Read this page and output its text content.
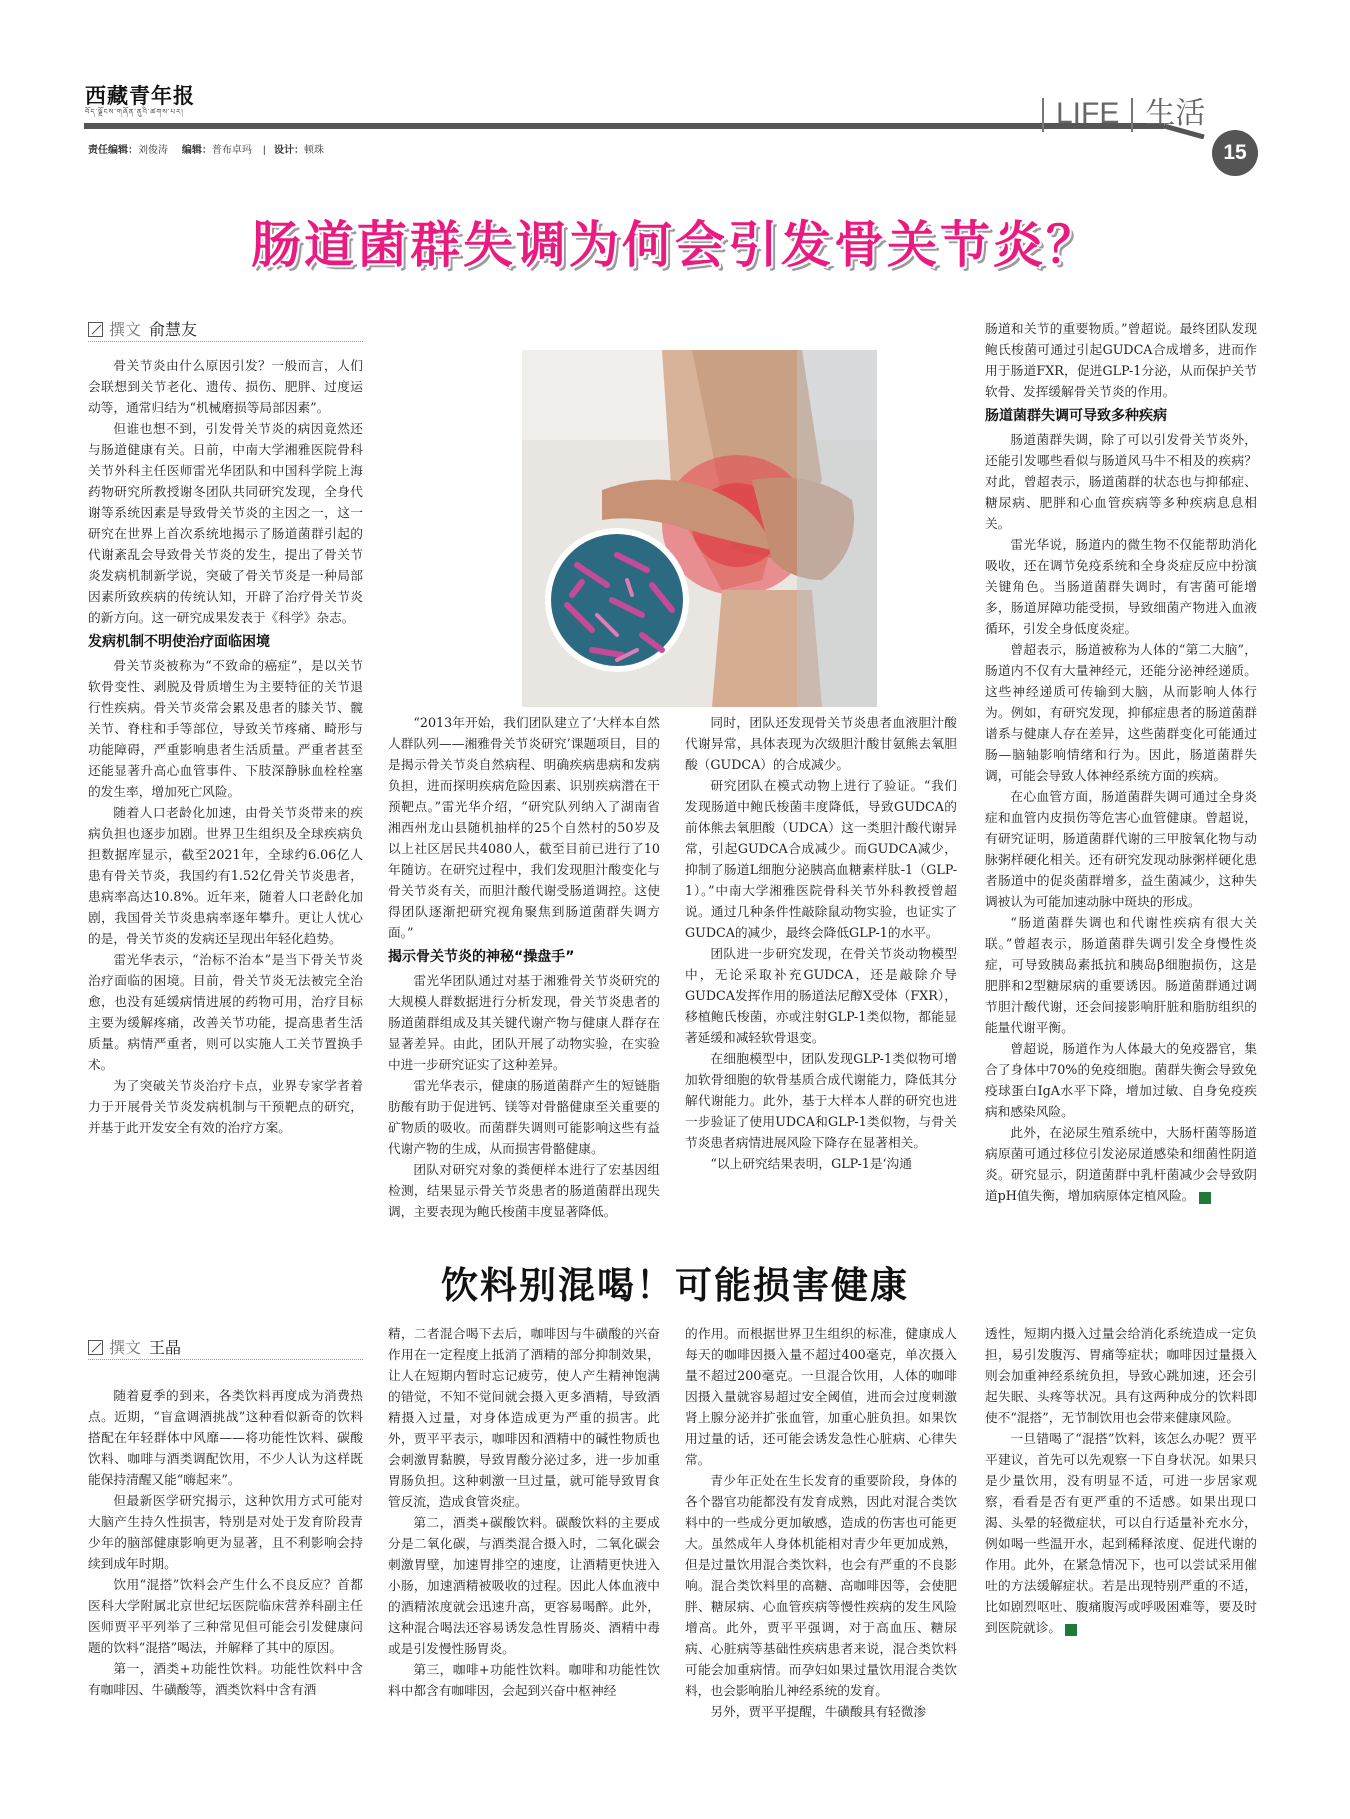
西藏青年报
བོད་ལྗོངས་གཞོན་ནུའི་ཚགས་པར།
责任编辑：刘俊涛 编辑：普布卓玛    |   设计：顿珠
LIFE 生活
15
肠道菌群失调为何会引发骨关节炎？
撰文 俞慧友

骨关节炎由什么原因引发？一般而言，人们会联想到关节老化、遗传、损伤、肥胖、过度运动等，通常归结为“机械磨损等局部因素”。

但谁也想不到，引发骨关节炎的病因竟然还与肠道健康有关。日前，中南大学湘雅医院骨科关节外科主任医师雷光华团队和中国科学院上海药物研究所教授谢冬团队共同研究发现，全身代谢等系统因素是导致骨关节炎的主因之一，这一研究在世界上首次系统地揭示了肠道菌群引起的代谢紊乱会导致骨关节炎的发生，提出了骨关节炎发病机制新学说，突破了骨关节炎是一种局部因素所致疾病的传统认知，开辟了治疗骨关节炎的新方向。这一研究成果发表于《科学》杂志。

发病机制不明使治疗面临困境

骨关节炎被称为“不致命的癌症”，是以关节软骨变性、剥脱及骨质增生为主要特征的关节退行性疾病。骨关节炎常会累及患者的膝关节、髋关节、脊柱和手等部位，导致关节疼痛、畸形与功能障碍，严重影响患者生活质量。严重者甚至还能显著升高心血管事件、下肢深静脉血栓栓塞的发生率，增加死亡风险。

随着人口老龄化加速，由骨关节炎带来的疾病负担也逐步加剧。世界卫生组织及全球疾病负担数据库显示，截至2021年，全球约6.06亿人患有骨关节炎，我国约有1.52亿骨关节炎患者，患病率高达10.8%。近年来，随着人口老龄化加剧，我国骨关节炎患病率逐年攀升。更让人忧心的是，骨关节炎的发病还呈现出年轻化趋势。

雷光华表示，“治标不治本”是当下骨关节炎治疗面临的困境。目前，骨关节炎无法被完全治愈，也没有延缓病情进展的药物可用，治疗目标主要为缓解疼痛，改善关节功能，提高患者生活质量。病情严重者，则可以实施人工关节置换手术。

为了突破关节炎治疗卡点，业界专家学者着力于开展骨关节炎发病机制与干预靶点的研究，并基于此开发安全有效的治疗方案。

“2013年开始，我们团队建立了‘大样本自然人群队列——湘雅骨关节炎研究’课题项目，目的是揭示骨关节炎自然病程、明确疾病患病和发病负担，进而探明疾病危险因素、识别疾病潜在干预靶点。”雷光华介绍，“研究队列纳入了湖南省湘西州龙山县随机抽样的25个自然村的50岁及以上社区居民共4080人，截至目前已进行了10年随访。在研究过程中，我们发现胆汁酸变化与骨关节炎有关，而胆汁酸代谢受肠道调控。这使得团队逐渐把研究视角聚焦到肠道菌群失调方面。”

揭示骨关节炎的神秘“操盘手”

雷光华团队通过对基于湘雅骨关节炎研究的大规模人群数据进行分析发现，骨关节炎患者的肠道菌群组成及其关键代谢产物与健康人群存在显著差异。由此，团队开展了动物实验，在实验中进一步研究证实了这种差异。

雷光华表示，健康的肠道菌群产生的短链脂肪酸有助于促进钙、镁等对骨骼健康至关重要的矿物质的吸收。而菌群失调则可能影响这些有益代谢产物的生成，从而损害骨骼健康。

团队对研究对象的粪便样本进行了宏基因组检测，结果显示骨关节炎患者的肠道菌群出现失调，主要表现为鲍氏梭菌丰度显著降低。

同时，团队还发现骨关节炎患者血液胆汁酸代谢异常，具体表现为次级胆汁酸甘氨熊去氧胆酸（GUDCA）的合成减少。

研究团队在模式动物上进行了验证。“我们发现肠道中鲍氏梭菌丰度降低，导致GUDCA的前体熊去氧胆酸（UDCA）这一类胆汁酸代谢异常，引起GUDCA合成减少。而GUDCA减少，抑制了肠道L细胞分泌胰高血糖素样肽-1（GLP-1）。”中南大学湘雅医院骨科关节外科教授曾超说。通过几种条件性敲除鼠动物实验，也证实了GUDCA的减少，最终会降低GLP-1的水平。

团队进一步研究发现，在骨关节炎动物模型中，无论采取补充GUDCA，还是敲除介导GUDCA发挥作用的肠道法尼醇X受体（FXR），移植鲍氏梭菌，亦或注射GLP-1类似物，都能显著延缓和减轻软骨退变。

在细胞模型中，团队发现GLP-1类似物可增加软骨细胞的软骨基质合成代谢能力，降低其分解代谢能力。此外，基于大样本人群的研究也进一步验证了使用UDCA和GLP-1类似物，与骨关节炎患者病情进展风险下降存在显著相关。

“以上研究结果表明，GLP-1是‘沟通

肠道和关节的重要物质。”曾超说。最终团队发现鲍氏梭菌可通过引起GUDCA合成增多，进而作用于肠道FXR，促进GLP-1分泌，从而保护关节软骨、发挥缓解骨关节炎的作用。

肠道菌群失调可导致多种疾病

肠道菌群失调，除了可以引发骨关节炎外，还能引发哪些看似与肠道风马牛不相及的疾病？对此，曾超表示，肠道菌群的状态也与抑郁症、糖尿病、肥胖和心血管疾病等多种疾病息息相关。

雷光华说，肠道内的微生物不仅能帮助消化吸收，还在调节免疫系统和全身炎症反应中扮演关键角色。当肠道菌群失调时，有害菌可能增多，肠道屏障功能受损，导致细菌产物进入血液循环，引发全身低度炎症。

曾超表示，肠道被称为人体的“第二大脑”，肠道内不仅有大量神经元，还能分泌神经递质。这些神经递质可传输到大脑，从而影响人体行为。例如，有研究发现，抑郁症患者的肠道菌群谱系与健康人存在差异，这些菌群变化可能通过肠—脑轴影响情绪和行为。因此，肠道菌群失调，可能会导致人体神经系统方面的疾病。

在心血管方面，肠道菌群失调可通过全身炎症和血管内皮损伤等危害心血管健康。曾超说，有研究证明，肠道菌群代谢的三甲胺氧化物与动脉粥样硬化相关。还有研究发现动脉粥样硬化患者肠道中的促炎菌群增多，益生菌减少，这种失调被认为可能加速动脉中斑块的形成。

“肠道菌群失调也和代谢性疾病有很大关联。”曾超表示，肠道菌群失调引发全身慢性炎症，可导致胰岛素抵抗和胰岛β细胞损伤，这是肥胖和2型糖尿病的重要诱因。肠道菌群通过调节胆汁酸代谢，还会间接影响肝脏和脂肪组织的能量代谢平衡。

曾超说，肠道作为人体最大的免疫器官，集合了身体中70%的免疫细胞。菌群失衡会导致免疫球蛋白IgA水平下降，增加过敏、自身免疫疾病和感染风险。

此外，在泌尿生殖系统中，大肠杆菌等肠道病原菌可通过移位引发泌尿道感染和细菌性阴道炎。研究显示，阴道菌群中乳杆菌减少会导致阴道pH值失衡，增加病原体定植风险。	新

饮料别混喝！可能损害健康
撰文 王晶

随着夏季的到来，各类饮料再度成为消费热点。近期，“盲盒调酒挑战”这种看似新奇的饮料搭配在年轻群体中风靡——将功能性饮料、碳酸饮料、咖啡与酒类调配饮用，不少人认为这样既能保持清醒又能“嗨起来”。

但最新医学研究揭示，这种饮用方式可能对大脑产生持久性损害，特别是对处于发育阶段青少年的脑部健康影响更为显著，且不利影响会持续到成年时期。

饮用“混搭”饮料会产生什么不良反应？首都医科大学附属北京世纪坛医院临床营养科副主任医师贾平平列举了三种常见但可能会引发健康问题的饮料“混搭”喝法，并解释了其中的原因。

第一，酒类+功能性饮料。功能性饮料中含有咖啡因、牛磺酸等，酒类饮料中含有酒

精，二者混合喝下去后，咖啡因与牛磺酸的兴奋作用在一定程度上抵消了酒精的部分抑制效果，让人在短期内暂时忘记疲劳，使人产生精神饱满的错觉，不知不觉间就会摄入更多酒精，导致酒精摄入过量，对身体造成更为严重的损害。此外，贾平平表示，咖啡因和酒精中的碱性物质也会刺激胃黏膜，导致胃酸分泌过多，进一步加重胃肠负担。这种刺激一旦过量，就可能导致胃食管反流，造成食管炎症。

第二，酒类+碳酸饮料。碳酸饮料的主要成分是二氧化碳，与酒类混合摄入时，二氧化碳会刺激胃壁，加速胃排空的速度，让酒精更快进入小肠，加速酒精被吸收的过程。因此人体血液中的酒精浓度就会迅速升高，更容易喝醉。此外，这种混合喝法还容易诱发急性胃肠炎、酒精中毒或是引发慢性肠胃炎。

第三，咖啡+功能性饮料。咖啡和功能性饮料中都含有咖啡因，会起到兴奋中枢神经

的作用。而根据世界卫生组织的标准，健康成人每天的咖啡因摄入量不超过400毫克，单次摄入量不超过200毫克。一旦混合饮用，人体的咖啡因摄入量就容易超过安全阈值，进而会过度刺激肾上腺分泌并扩张血管，加重心脏负担。如果饮用过量的话，还可能会诱发急性心脏病、心律失常。

青少年正处在生长发育的重要阶段，身体的各个器官功能都没有发育成熟，因此对混合类饮料中的一些成分更加敏感，造成的伤害也可能更大。虽然成年人身体机能相对青少年更加成熟，但是过量饮用混合类饮料，也会有严重的不良影响。混合类饮料里的高糖、高咖啡因等，会使肥胖、糖尿病、心血管疾病等慢性疾病的发生风险增高。此外，贾平平强调，对于高血压、糖尿病、心脏病等基础性疾病患者来说，混合类饮料可能会加重病情。而孕妇如果过量饮用混合类饮料，也会影响胎儿神经系统的发育。

另外，贾平平提醒，牛磺酸具有轻微渗

透性，短期内摄入过量会给消化系统造成一定负担，易引发腹泻、胃痛等症状；咖啡因过量摄入则会加重神经系统负担，导致心跳加速，还会引起失眠、头疼等状况。具有这两种成分的饮料即使不“混搭”，无节制饮用也会带来健康风险。

一旦错喝了“混搭”饮料，该怎么办呢？贾平平建议，首先可以先观察一下自身状况。如果只是少量饮用，没有明显不适，可进一步居家观察，看看是否有更严重的不适感。如果出现口渴、头晕的轻微症状，可以自行适量补充水分，例如喝一些温开水，起到稀释浓度、促进代谢的作用。此外，在紧急情况下，也可以尝试采用催吐的方法缓解症状。若是出现特别严重的不适，比如剧烈呕吐、腹痛腹泻或呼吸困难等，要及时到医院就诊。	新
